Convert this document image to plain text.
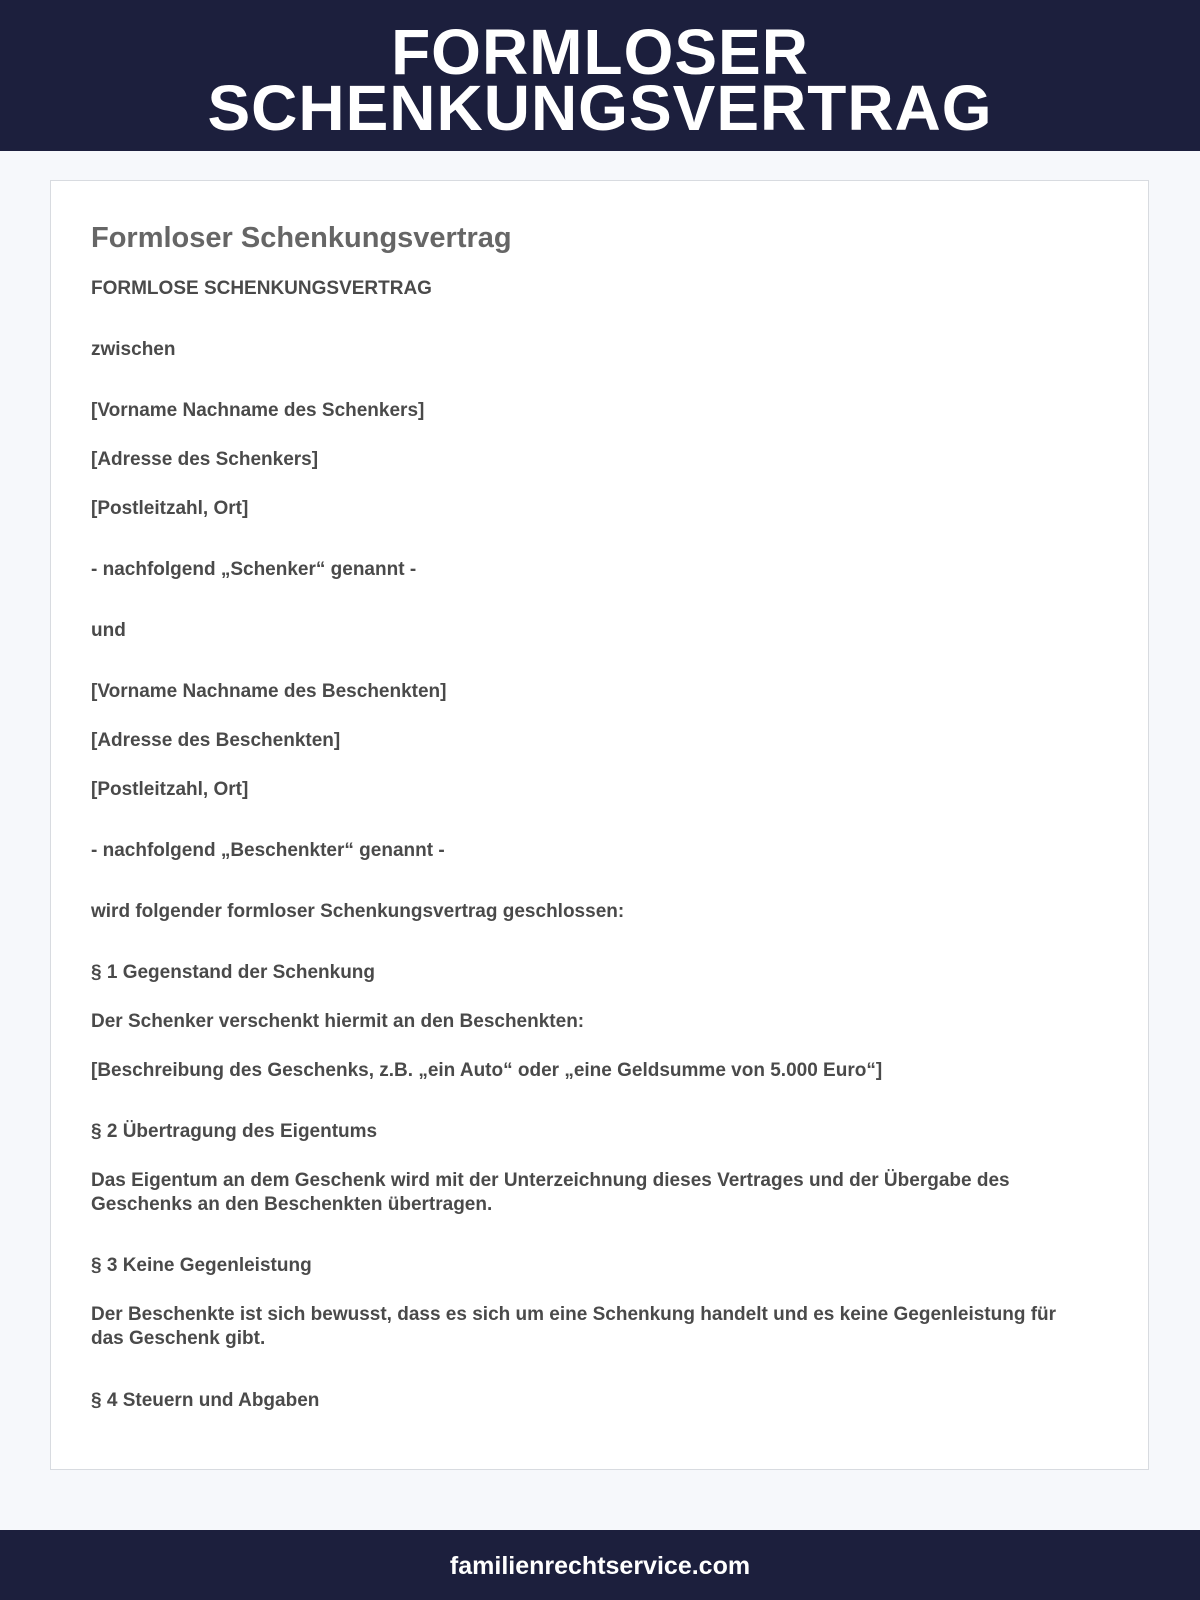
FORMLOSER
SCHENKUNGSVERTRAG
Formloser Schenkungsvertrag

FORMLOSE SCHENKUNGSVERTRAG

zwischen

[Vorname Nachname des Schenkers]

[Adresse des Schenkers]

[Postleitzahl, Ort]

- nachfolgend „Schenker“ genannt -

und

[Vorname Nachname des Beschenkten]

[Adresse des Beschenkten]

[Postleitzahl, Ort]

- nachfolgend „Beschenkter“ genannt -

wird folgender formloser Schenkungsvertrag geschlossen:

§ 1 Gegenstand der Schenkung

Der Schenker verschenkt hiermit an den Beschenkten:

[Beschreibung des Geschenks, z.B. „ein Auto“ oder „eine Geldsumme von 5.000 Euro“]

§ 2 Übertragung des Eigentums

Das Eigentum an dem Geschenk wird mit der Unterzeichnung dieses Vertrages und der Übergabe des Geschenks an den Beschenkten übertragen.

§ 3 Keine Gegenleistung

Der Beschenkte ist sich bewusst, dass es sich um eine Schenkung handelt und es keine Gegenleistung für das Geschenk gibt.

§ 4 Steuern und Abgaben

familienrechtservice.com
